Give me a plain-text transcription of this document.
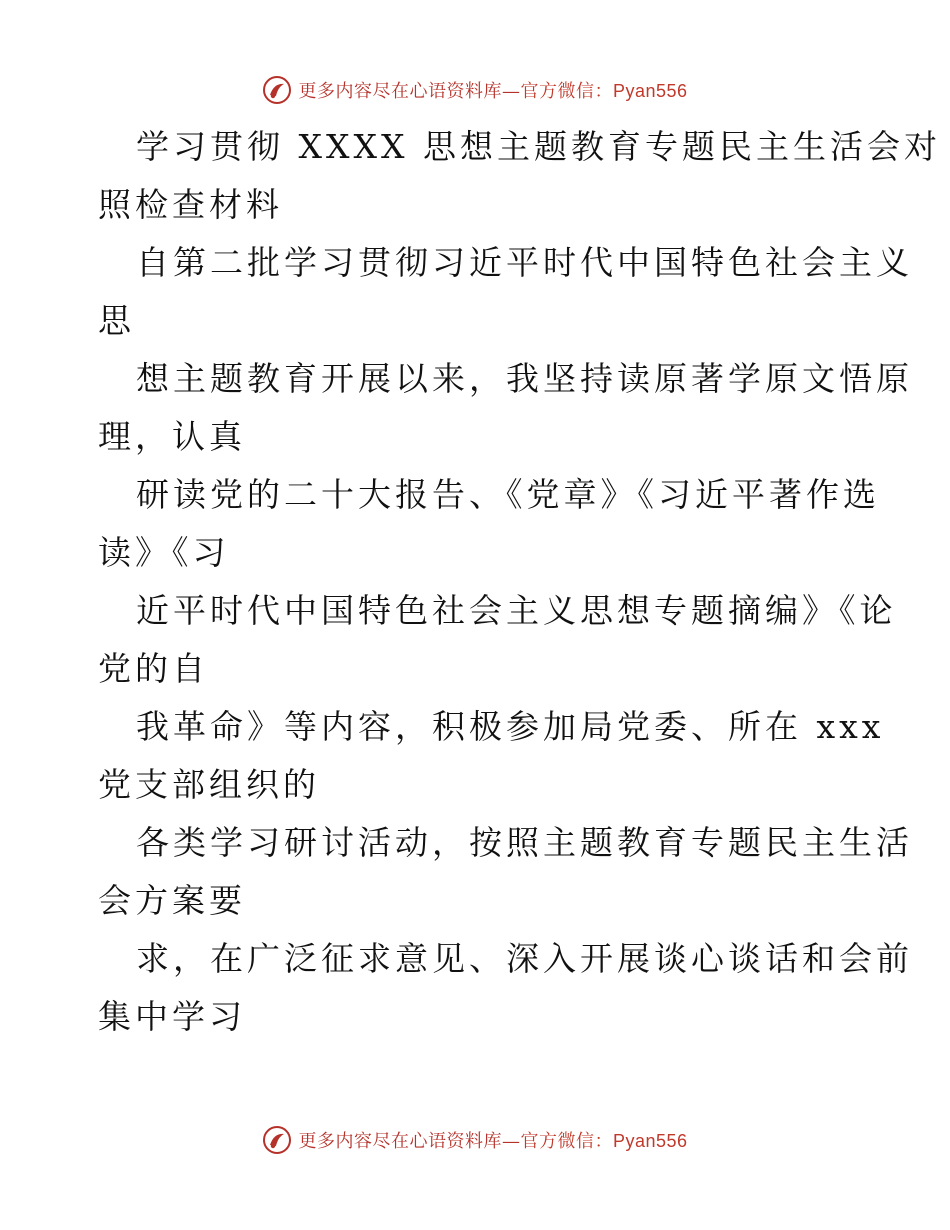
更多内容尽在心语资料库—官方微信：Pyan556
学习贯彻 XXXX 思想主题教育专题民主生活会对
照检查材料
自第二批学习贯彻习近平时代中国特色社会主义
思
想主题教育开展以来，我坚持读原著学原文悟原
理，认真
研读党的二十大报告、《党章》《习近平著作选
读》《习
近平时代中国特色社会主义思想专题摘编》《论
党的自
我革命》等内容，积极参加局党委、所在 xxx
党支部组织的
各类学习研讨活动，按照主题教育专题民主生活
会方案要
求，在广泛征求意见、深入开展谈心谈话和会前
集中学习
更多内容尽在心语资料库—官方微信：Pyan556
